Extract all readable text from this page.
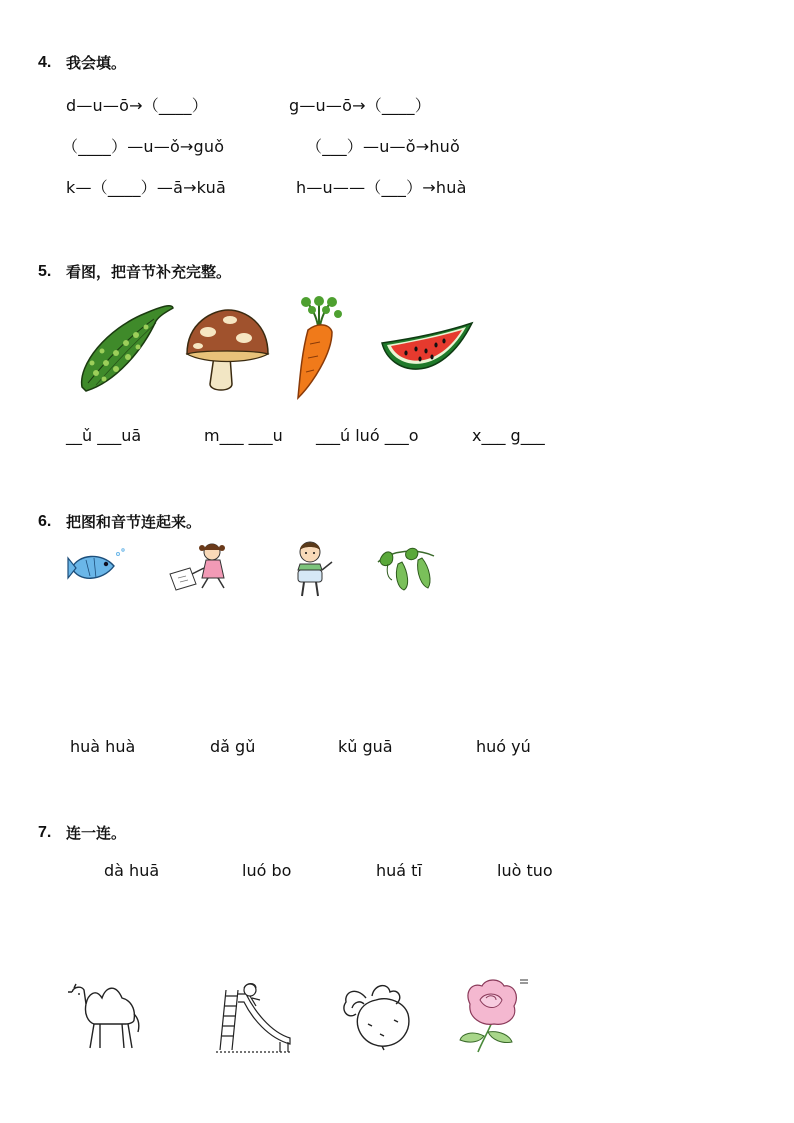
4. 我会填。
d—u—ō→（____）	g—u—ō→（____）
（____）—u—ǒ→guǒ	（___）—u—ǒ→huǒ
k—（____）—ā→kuā	h—u——（___）→huà
5. 看图，把音节补充完整。
__ǔ ___uā	m___ ___u ___ú luó ___o	x___ g___
6. 把图和音节连起来。
huà huà	dǎ gǔ	kǔ guā	huó yú
7. 连一连。
dà huā	luó bo	huá tī	luò tuo
